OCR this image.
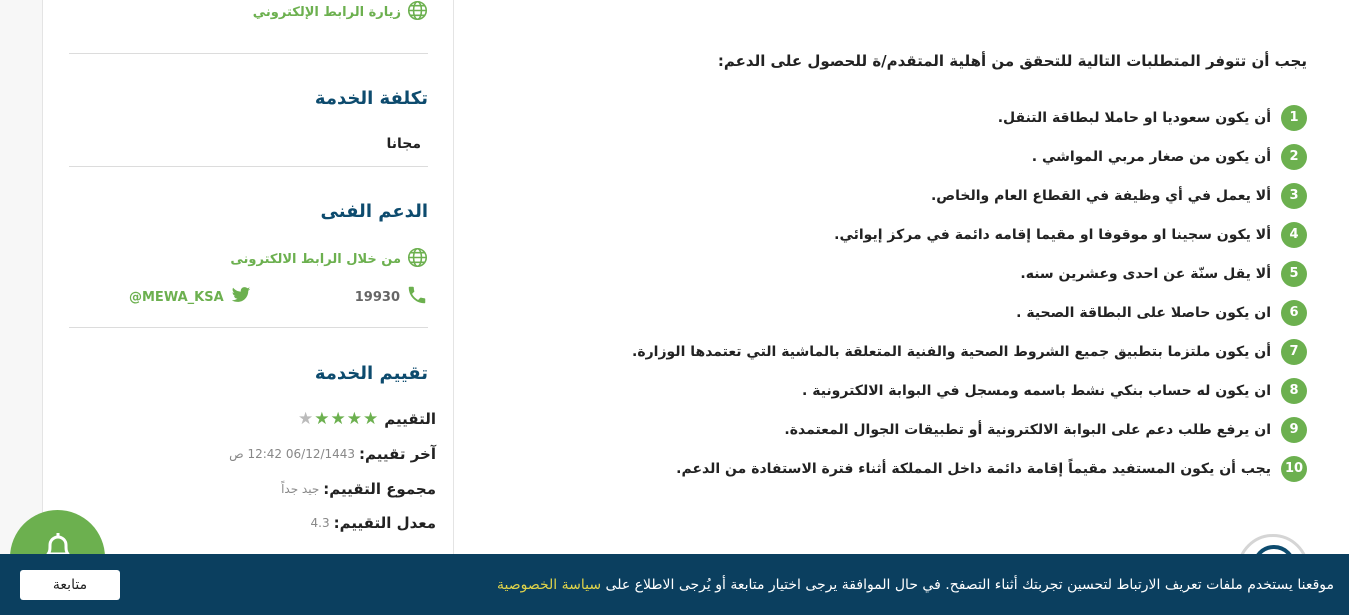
يجب أن تتوفر المتطلبات التالية للتحقق من أهلية المتقدم/ة للحصول على الدعم:
1
أن يكون سعوديا او حاملا لبطاقة التنقل.
2
أن يكون من صغار مربي المواشي .
3
ألا يعمل في أي وظيفة في القطاع العام والخاص.
4
ألا يكون سجينا او موقوفا او مقيما إقامه دائمة في مركز إيوائي.
5
ألا يقل سنّة عن احدى وعشرين سنه.
6
ان يكون حاصلا على البطاقة الصحية .
7
أن يكون ملتزما بتطبيق جميع الشروط الصحية والفنية المتعلقة بالماشية التي تعتمدها الوزارة.
8
ان يكون له حساب بنكي نشط باسمه ومسجل في البوابة الالكترونية .
9
ان يرفع طلب دعم على البوابة الالكترونية أو تطبيقات الجوال المعتمدة.
10
يجب أن يكون المستفيد مقيماً إقامة دائمة داخل المملكة أثناء فترة الاستفادة من الدعم.
زيارة الرابط الإلكتروني
تكلفة الخدمة
مجانا
الدعم الفنى
من خلال الرابط الالكترونى
19930
@MEWA_KSA
تقييم الخدمة
التقييم
★ ★ ★ ★ ★
آخر تقييم:
06/12/1443 12:42 ص
مجموع التقييم:
جيد جداً
معدل التقييم:
4.3
موقعنا يستخدم ملفات تعريف الارتباط لتحسين تجربتك أثناء التصفح. في حال الموافقة يرجى اختيار متابعة أو يُرجى الاطلاع على سياسة الخصوصية
متابعة
